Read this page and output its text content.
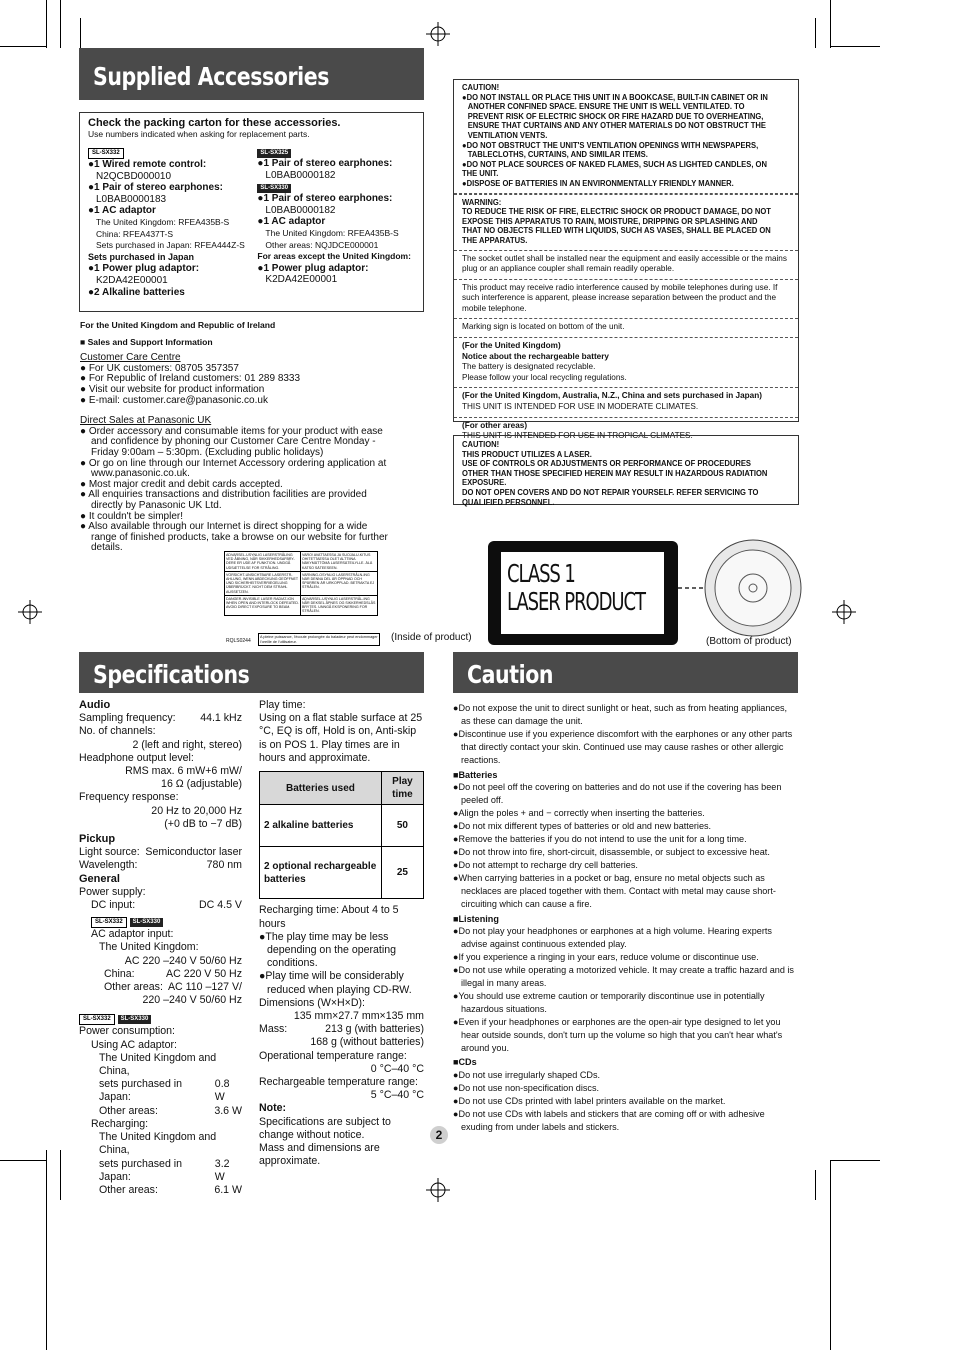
Supplied Accessories
Check the packing carton for these accessories.
Use numbers indicated when asking for replacement parts.
SL-SX332
●1 Wired remote control:
N2QCBD000010
●1 Pair of stereo earphones:
L0BAB0000183
●1 AC adaptor
The United Kingdom: RFEA435B-S
China: RFEA437T-S
Sets purchased in Japan: RFEA444Z-S
Sets purchased in Japan
●1 Power plug adaptor:
K2DA42E00001
●2 Alkaline batteries
SL-SX325
●1 Pair of stereo earphones:
L0BAB0000182
SL-SX330
●1 Pair of stereo earphones:
L0BAB0000182
●1 AC adaptor
The United Kingdom: RFEA435B-S
Other areas: NQJDCE000001
For areas except the United Kingdom:
●1 Power plug adaptor:
K2DA42E00001
For the United Kingdom and Republic of Ireland
■ Sales and Support Information
Customer Care Centre
● For UK customers: 08705 357357
● For Republic of Ireland customers: 01 289 8333
● Visit our website for product information
● E-mail: customer.care@panasonic.co.uk
Direct Sales at Panasonic UK
● Order accessory and consumable items for your product with ease and confidence by phoning our Customer Care Centre Monday - Friday 9:00am – 5:30pm. (Excluding public holidays)
● Or go on line through our Internet Accessory ordering application at www.panasonic.co.uk.
● Most major credit and debit cards accepted.
● All enquiries transactions and distribution facilities are provided directly by Panasonic UK Ltd.
● It couldn't be simpler!
● Also available through our Internet is direct shopping for a wide range of finished products, take a browse on our website for further details.
ADVARSEL-USYNLIG LASERSTRÅLING VED ÅBNING, NÅR SIKKERHEDSAFBRY-DERE ER UDE AF FUNKTION. UNDGÅ UDSÆTTELSE FOR STRÅLING.
VARO! AVATTAESSA JA SUOJALU-KITUS OHITETTAESSA OLET ALTTIINA NÄKYMÄTTÖMÄ LASERSÄTEILYLLE. ÄLÄ KATSO SÄTEESEEN.
VORSICHT-UNSICHTBARE LASERSTR-AHLUNG, WENN ABDECKUNG GEÖFFNET UND SICHERHEITSVERRIEGELUNG ÜBERBRÜCKT. NICHT DEM STRAHL AUSSETZEN.
VARNING-OSYNLIG LASERSTRÅLN-ING NÄR DENNA DEL ÄR ÖPPNAD OCH SPÄRREN ÄR URKOPPLAD. BETRAKTA EJ STRÅLEN.
DANGER-INVISIBLE LASER RADIAT-ION WHEN OPEN AND INTERLOCK DEFEATED. AVOID DIRECT EXPOSURE TO BEAM.
ADVARSEL-USYNLIG LASERSTRÅL-ING NÅR DEKSEL ÅPNES OG SIKKERHEDSLÅS BRYTES. UNNGÅ EKSPONERING FOR STRÅLEN.
RQLS0244
A pleine puissance, l'écoute prolongée du baladeur peut endommager l'oreille de l'utilisateur.	(Inside of product)
CLASS 1
LASER PRODUCT
(Bottom of product)
CAUTION!
●DO NOT INSTALL OR PLACE THIS UNIT IN A BOOKCASE, BUILT-IN CABINET OR IN ANOTHER CONFINED SPACE. ENSURE THE UNIT IS WELL VENTILATED. TO PREVENT RISK OF ELECTRIC SHOCK OR FIRE HAZARD DUE TO OVERHEATING, ENSURE THAT CURTAINS AND ANY OTHER MATERIALS DO NOT OBSTRUCT THE VENTILATION VENTS.
●DO NOT OBSTRUCT THE UNIT'S VENTILATION OPENINGS WITH NEWSPAPERS, TABLECLOTHS, CURTAINS, AND SIMILAR ITEMS.
●DO NOT PLACE SOURCES OF NAKED FLAMES, SUCH AS LIGHTED CANDLES, ON THE UNIT.
●DISPOSE OF BATTERIES IN AN ENVIRONMENTALLY FRIENDLY MANNER.
WARNING:
TO REDUCE THE RISK OF FIRE, ELECTRIC SHOCK OR PRODUCT DAMAGE, DO NOT EXPOSE THIS APPARATUS TO RAIN, MOISTURE, DRIPPING OR SPLASHING AND THAT NO OBJECTS FILLED WITH LIQUIDS, SUCH AS VASES, SHALL BE PLACED ON THE APPARATUS.
The socket outlet shall be installed near the equipment and easily accessible or the mains plug or an appliance coupler shall remain readily operable.
This product may receive radio interference caused by mobile telephones during use. If such interference is apparent, please increase separation between the product and the mobile telephone.
Marking sign is located on bottom of the unit.
(For the United Kingdom)
Notice about the rechargeable battery
The battery is designated recyclable.
Please follow your local recycling regulations.
(For the United Kingdom, Australia, N.Z., China and sets purchased in Japan)
THIS UNIT IS INTENDED FOR USE IN MODERATE CLIMATES.
(For other areas)
THIS UNIT IS INTENDED FOR USE IN TROPICAL CLIMATES.
CAUTION!
THIS PRODUCT UTILIZES A LASER.
USE OF CONTROLS OR ADJUSTMENTS OR PERFORMANCE OF PROCEDURES OTHER THAN THOSE SPECIFIED HEREIN MAY RESULT IN HAZARDOUS RADIATION EXPOSURE.
DO NOT OPEN COVERS AND DO NOT REPAIR YOURSELF. REFER SERVICING TO QUALIFIED PERSONNEL.
Specifications
Audio
Sampling frequency: 44.1 kHz
No. of channels:
2 (left and right, stereo)
Headphone output level:
RMS max. 6 mW+6 mW/
16 Ω (adjustable)
Frequency response:
20 Hz to 20,000 Hz
(+0 dB to −7 dB)
Pickup
Light source: Semiconductor laser
Wavelength:	780 nm
General
Power supply:
DC input:	DC 4.5 V
SL-SX332 SL-SX330
AC adaptor input:
The United Kingdom:
AC 220 –240 V 50/60 Hz
China:	AC 220 V 50 Hz
Other areas: AC 110 –127 V/
220 –240 V 50/60 Hz
SL-SX332 SL-SX330
Power consumption:
Using AC adaptor:
The United Kingdom and China,
sets purchased in Japan:
0.8 W
Other areas:	3.6 W
Recharging:
The United Kingdom and China,
sets purchased in Japan:
3.2 W
Other areas:	6.1 W
Play time:
Using on a flat stable surface at 25 °C, EQ is off, Hold is on, Anti-skip is on POS 1. Play times are in hours and approximate.
Batteries used	Play time
2 alkaline batteries	50
2 optional rechargeable batteries	25
Recharging time: About 4 to 5 hours
●The play time may be less depending on the operating conditions.
●Play time will be considerably reduced when playing CD-RW.
Dimensions (W×H×D):
135 mm×27.7 mm×135 mm
Mass:	213 g (with batteries)
168 g (without batteries)
Operational temperature range:
0 °C–40 °C
Rechargeable temperature range:
5 °C–40 °C
Note:
Specifications are subject to change without notice.
Mass and dimensions are approximate.
2
Caution
●Do not expose the unit to direct sunlight or heat, such as from heating appliances, as these can damage the unit.
●Discontinue use if you experience discomfort with the earphones or any other parts that directly contact your skin. Continued use may cause rashes or other allergic reactions.
■Batteries
●Do not peel off the covering on batteries and do not use if the covering has been peeled off.
●Align the poles + and − correctly when inserting the batteries.
●Do not mix different types of batteries or old and new batteries.
●Remove the batteries if you do not intend to use the unit for a long time.
●Do not throw into fire, short-circuit, disassemble, or subject to excessive heat.
●Do not attempt to recharge dry cell batteries.
●When carrying batteries in a pocket or bag, ensure no metal objects such as necklaces are placed together with them. Contact with metal may cause short-circuiting which can cause a fire.
■Listening
●Do not play your headphones or earphones at a high volume. Hearing experts advise against continuous extended play.
●If you experience a ringing in your ears, reduce volume or discontinue use.
●Do not use while operating a motorized vehicle. It may create a traffic hazard and is illegal in many areas.
●You should use extreme caution or temporarily discontinue use in potentially hazardous situations.
●Even if your headphones or earphones are the open-air type designed to let you hear outside sounds, don't turn up the volume so high that you can't hear what's around you.
■CDs
●Do not use irregularly shaped CDs.
●Do not use non-specification discs.
●Do not use CDs printed with label printers available on the market.
●Do not use CDs with labels and stickers that are coming off or with adhesive exuding from under labels and stickers.
